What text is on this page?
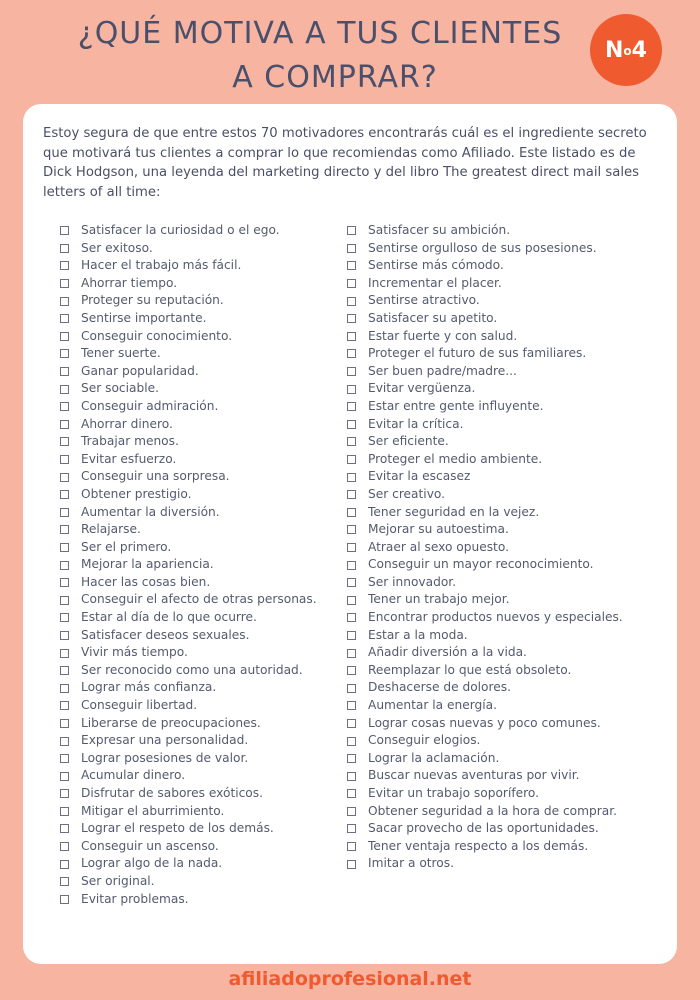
¿QUÉ MOTIVA A TUS CLIENTES
A COMPRAR?
N o 4

Estoy segura de que entre estos 70 motivadores encontrarás cuál es el ingrediente secreto que motivará tus clientes a comprar lo que recomiendas como Afiliado. Este listado es de Dick Hodgson, una leyenda del marketing directo y del libro The greatest direct mail sales letters of all time:

Satisfacer la curiosidad o el ego.
Ser exitoso.
Hacer el trabajo más fácil.
Ahorrar tiempo.
Proteger su reputación.
Sentirse importante.
Conseguir conocimiento.
Tener suerte.
Ganar popularidad.
Ser sociable.
Conseguir admiración.
Ahorrar dinero.
Trabajar menos.
Evitar esfuerzo.
Conseguir una sorpresa.
Obtener prestigio.
Aumentar la diversión.
Relajarse.
Ser el primero.
Mejorar la apariencia.
Hacer las cosas bien.
Conseguir el afecto de otras personas.
Estar al día de lo que ocurre.
Satisfacer deseos sexuales.
Vivir más tiempo.
Ser reconocido como una autoridad.
Lograr más confianza.
Conseguir libertad.
Liberarse de preocupaciones.
Expresar una personalidad.
Lograr posesiones de valor.
Acumular dinero.
Disfrutar de sabores exóticos.
Mitigar el aburrimiento.
Lograr el respeto de los demás.
Conseguir un ascenso.
Lograr algo de la nada.
Ser original.
Evitar problemas.
Satisfacer su ambición.
Sentirse orgulloso de sus posesiones.
Sentirse más cómodo.
Incrementar el placer.
Sentirse atractivo.
Satisfacer su apetito.
Estar fuerte y con salud.
Proteger el futuro de sus familiares.
Ser buen padre/madre...
Evitar vergüenza.
Estar entre gente influyente.
Evitar la crítica.
Ser eficiente.
Proteger el medio ambiente.
Evitar la escasez
Ser creativo.
Tener seguridad en la vejez.
Mejorar su autoestima.
Atraer al sexo opuesto.
Conseguir un mayor reconocimiento.
Ser innovador.
Tener un trabajo mejor.
Encontrar productos nuevos y especiales.
Estar a la moda.
Añadir diversión a la vida.
Reemplazar lo que está obsoleto.
Deshacerse de dolores.
Aumentar la energía.
Lograr cosas nuevas y poco comunes.
Conseguir elogios.
Lograr la aclamación.
Buscar nuevas aventuras por vivir.
Evitar un trabajo soporífero.
Obtener seguridad a la hora de comprar.
Sacar provecho de las oportunidades.
Tener ventaja respecto a los demás.
Imitar a otros.
afiliadoprofesional.net
